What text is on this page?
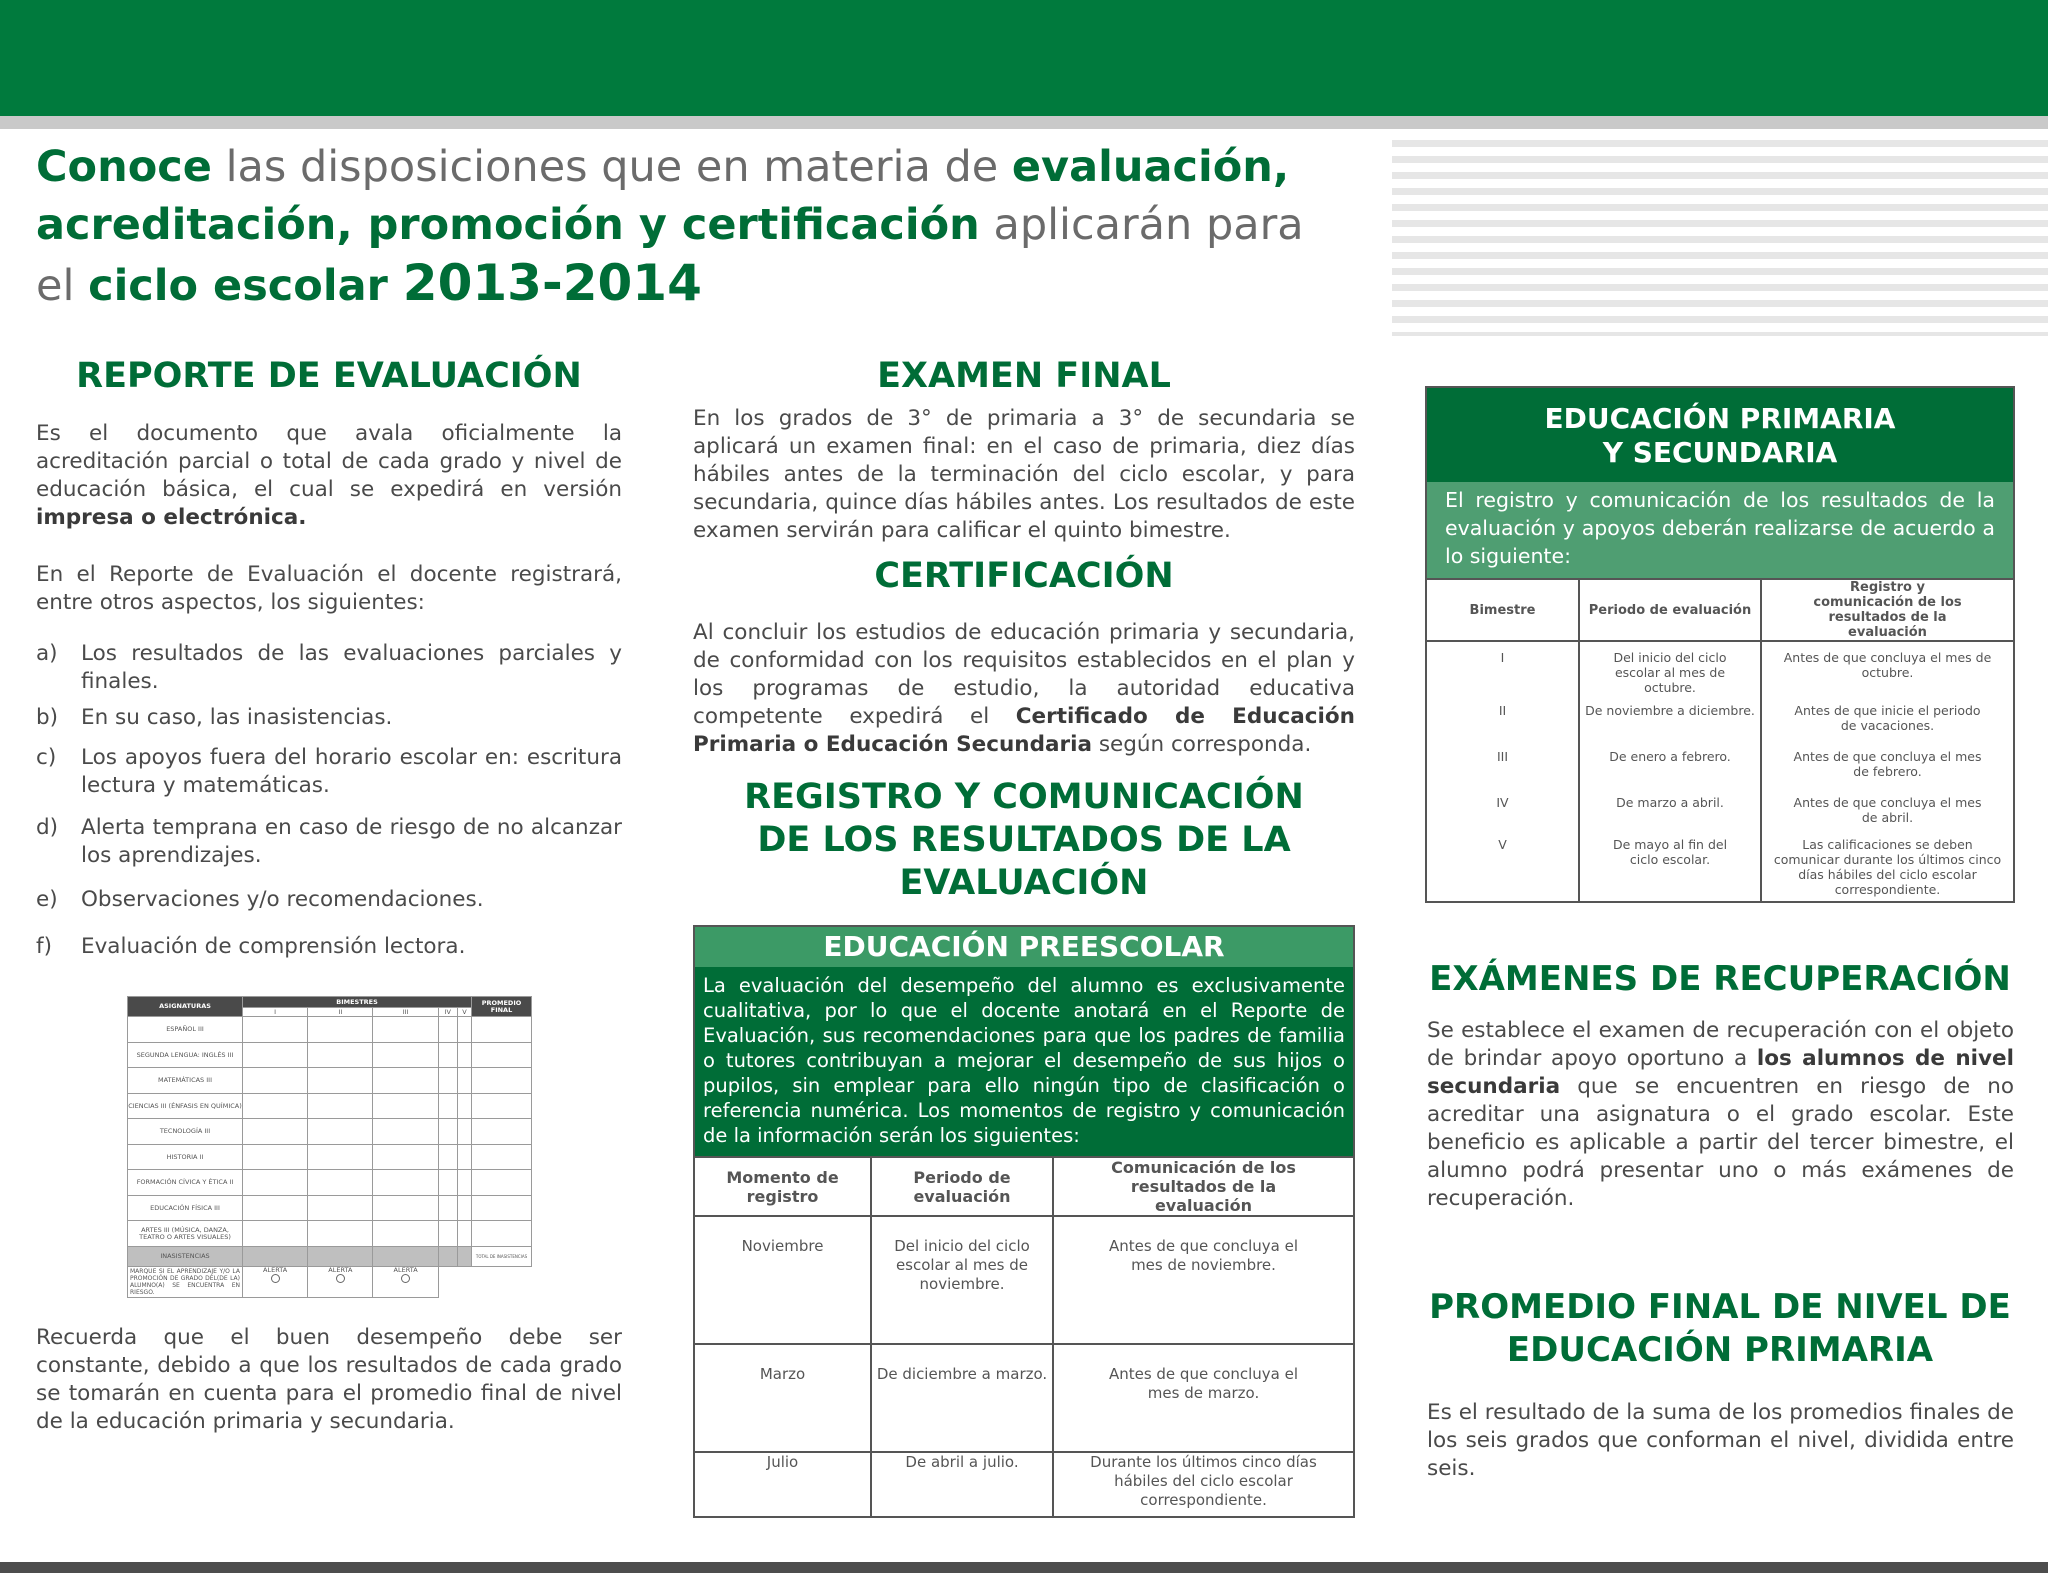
Conoce las disposiciones que en materia de evaluación,
acreditación, promoción y certificación aplicarán para
el ciclo escolar 2013-2014
REPORTE DE EVALUACIÓN
Es el documento que avala oficialmente la acreditación parcial o total de cada grado y nivel de educación básica, el cual se expedirá en versión impresa o electrónica.
En el Reporte de Evaluación el docente registrará, entre otros aspectos, los siguientes:
a) Los resultados de las evaluaciones parciales y finales.
b) En su caso, las inasistencias.
c) Los apoyos fuera del horario escolar en: escritura lectura y matemáticas.
d) Alerta temprana en caso de riesgo de no alcanzar los aprendizajes.
e) Observaciones y/o recomendaciones.
f) Evaluación de comprensión lectora.
ASIGNATURAS	BIMESTRES					PROMEDIO FINAL
	I	II	III	IV	V	
ESPAÑOL III						
SEGUNDA LENGUA: INGLÉS III						
MATEMÁTICAS III						
CIENCIAS III (ÉNFASIS EN QUÍMICA)						
TECNOLOGÍA III						
HISTORIA II						
FORMACIÓN CÍVICA Y ÉTICA II						
EDUCACIÓN FÍSICA III						
ARTES III (MÚSICA, DANZA, TEATRO O ARTES VISUALES)						
INASISTENCIAS						TOTAL DE INASISTENCIAS
MARQUE SI EL APRENDIZAJE Y/O LA PROMOCIÓN DE GRADO DEL(DE LA) ALUMNO(A) SE ENCUENTRA EN RIESGO.	ALERTA	ALERTA	ALERTA			

Recuerda que el buen desempeño debe ser constante, debido a que los resultados de cada grado se tomarán en cuenta para el promedio final de nivel de la educación primaria y secundaria.
EXAMEN FINAL
En los grados de 3° de primaria a 3° de secundaria se aplicará un examen final: en el caso de primaria, diez días hábiles antes de la terminación del ciclo escolar, y para secundaria, quince días hábiles antes. Los resultados de este examen servirán para calificar el quinto bimestre.
CERTIFICACIÓN
Al concluir los estudios de educación primaria y secundaria, de conformidad con los requisitos establecidos en el plan y los programas de estudio, la autoridad educativa competente expedirá el Certificado de Educación Primaria o Educación Secundaria según corresponda.
REGISTRO Y COMUNICACIÓN
DE LOS RESULTADOS DE LA
EVALUACIÓN
EDUCACIÓN PREESCOLAR
La evaluación del desempeño del alumno es exclusivamente cualitativa, por lo que el docente anotará en el Reporte de Evaluación, sus recomendaciones para que los padres de familia o tutores contribuyan a mejorar el desempeño de sus hijos o pupilos, sin emplear para ello ningún tipo de clasificación o referencia numérica. Los momentos de registro y comunicación de la información serán los siguientes:
Momento de registro	Periodo de evaluación	Comunicación de los resultados de la evaluación
Noviembre	Del inicio del ciclo escolar al mes de noviembre.	Antes de que concluya el mes de noviembre.
Marzo	De diciembre a marzo.	Antes de que concluya el mes de marzo.
Julio	De abril a julio.	Durante los últimos cinco días hábiles del ciclo escolar correspondiente.
EDUCACIÓN PRIMARIA
Y SECUNDARIA
El registro y comunicación de los resultados de la evaluación y apoyos deberán realizarse de acuerdo a lo siguiente:
Bimestre	Periodo de evaluación	Registro y comunicación de los resultados de la evaluación
I	Del inicio del ciclo escolar al mes de octubre.	Antes de que concluya el mes de octubre.
II	De noviembre a diciembre.	Antes de que inicie el periodo de vacaciones.
III	De enero a febrero.	Antes de que concluya el mes de febrero.
IV	De marzo a abril.	Antes de que concluya el mes de abril.
V	De mayo al fin del ciclo escolar.	Las calificaciones se deben comunicar durante los últimos cinco días hábiles del ciclo escolar correspondiente.
EXÁMENES DE RECUPERACIÓN
Se establece el examen de recuperación con el objeto de brindar apoyo oportuno a los alumnos de nivel secundaria que se encuentren en riesgo de no acreditar una asignatura o el grado escolar. Este beneficio es aplicable a partir del tercer bimestre, el alumno podrá presentar uno o más exámenes de recuperación.
PROMEDIO FINAL DE NIVEL DE
EDUCACIÓN PRIMARIA
Es el resultado de la suma de los promedios finales de los seis grados que conforman el nivel, dividida entre seis.
